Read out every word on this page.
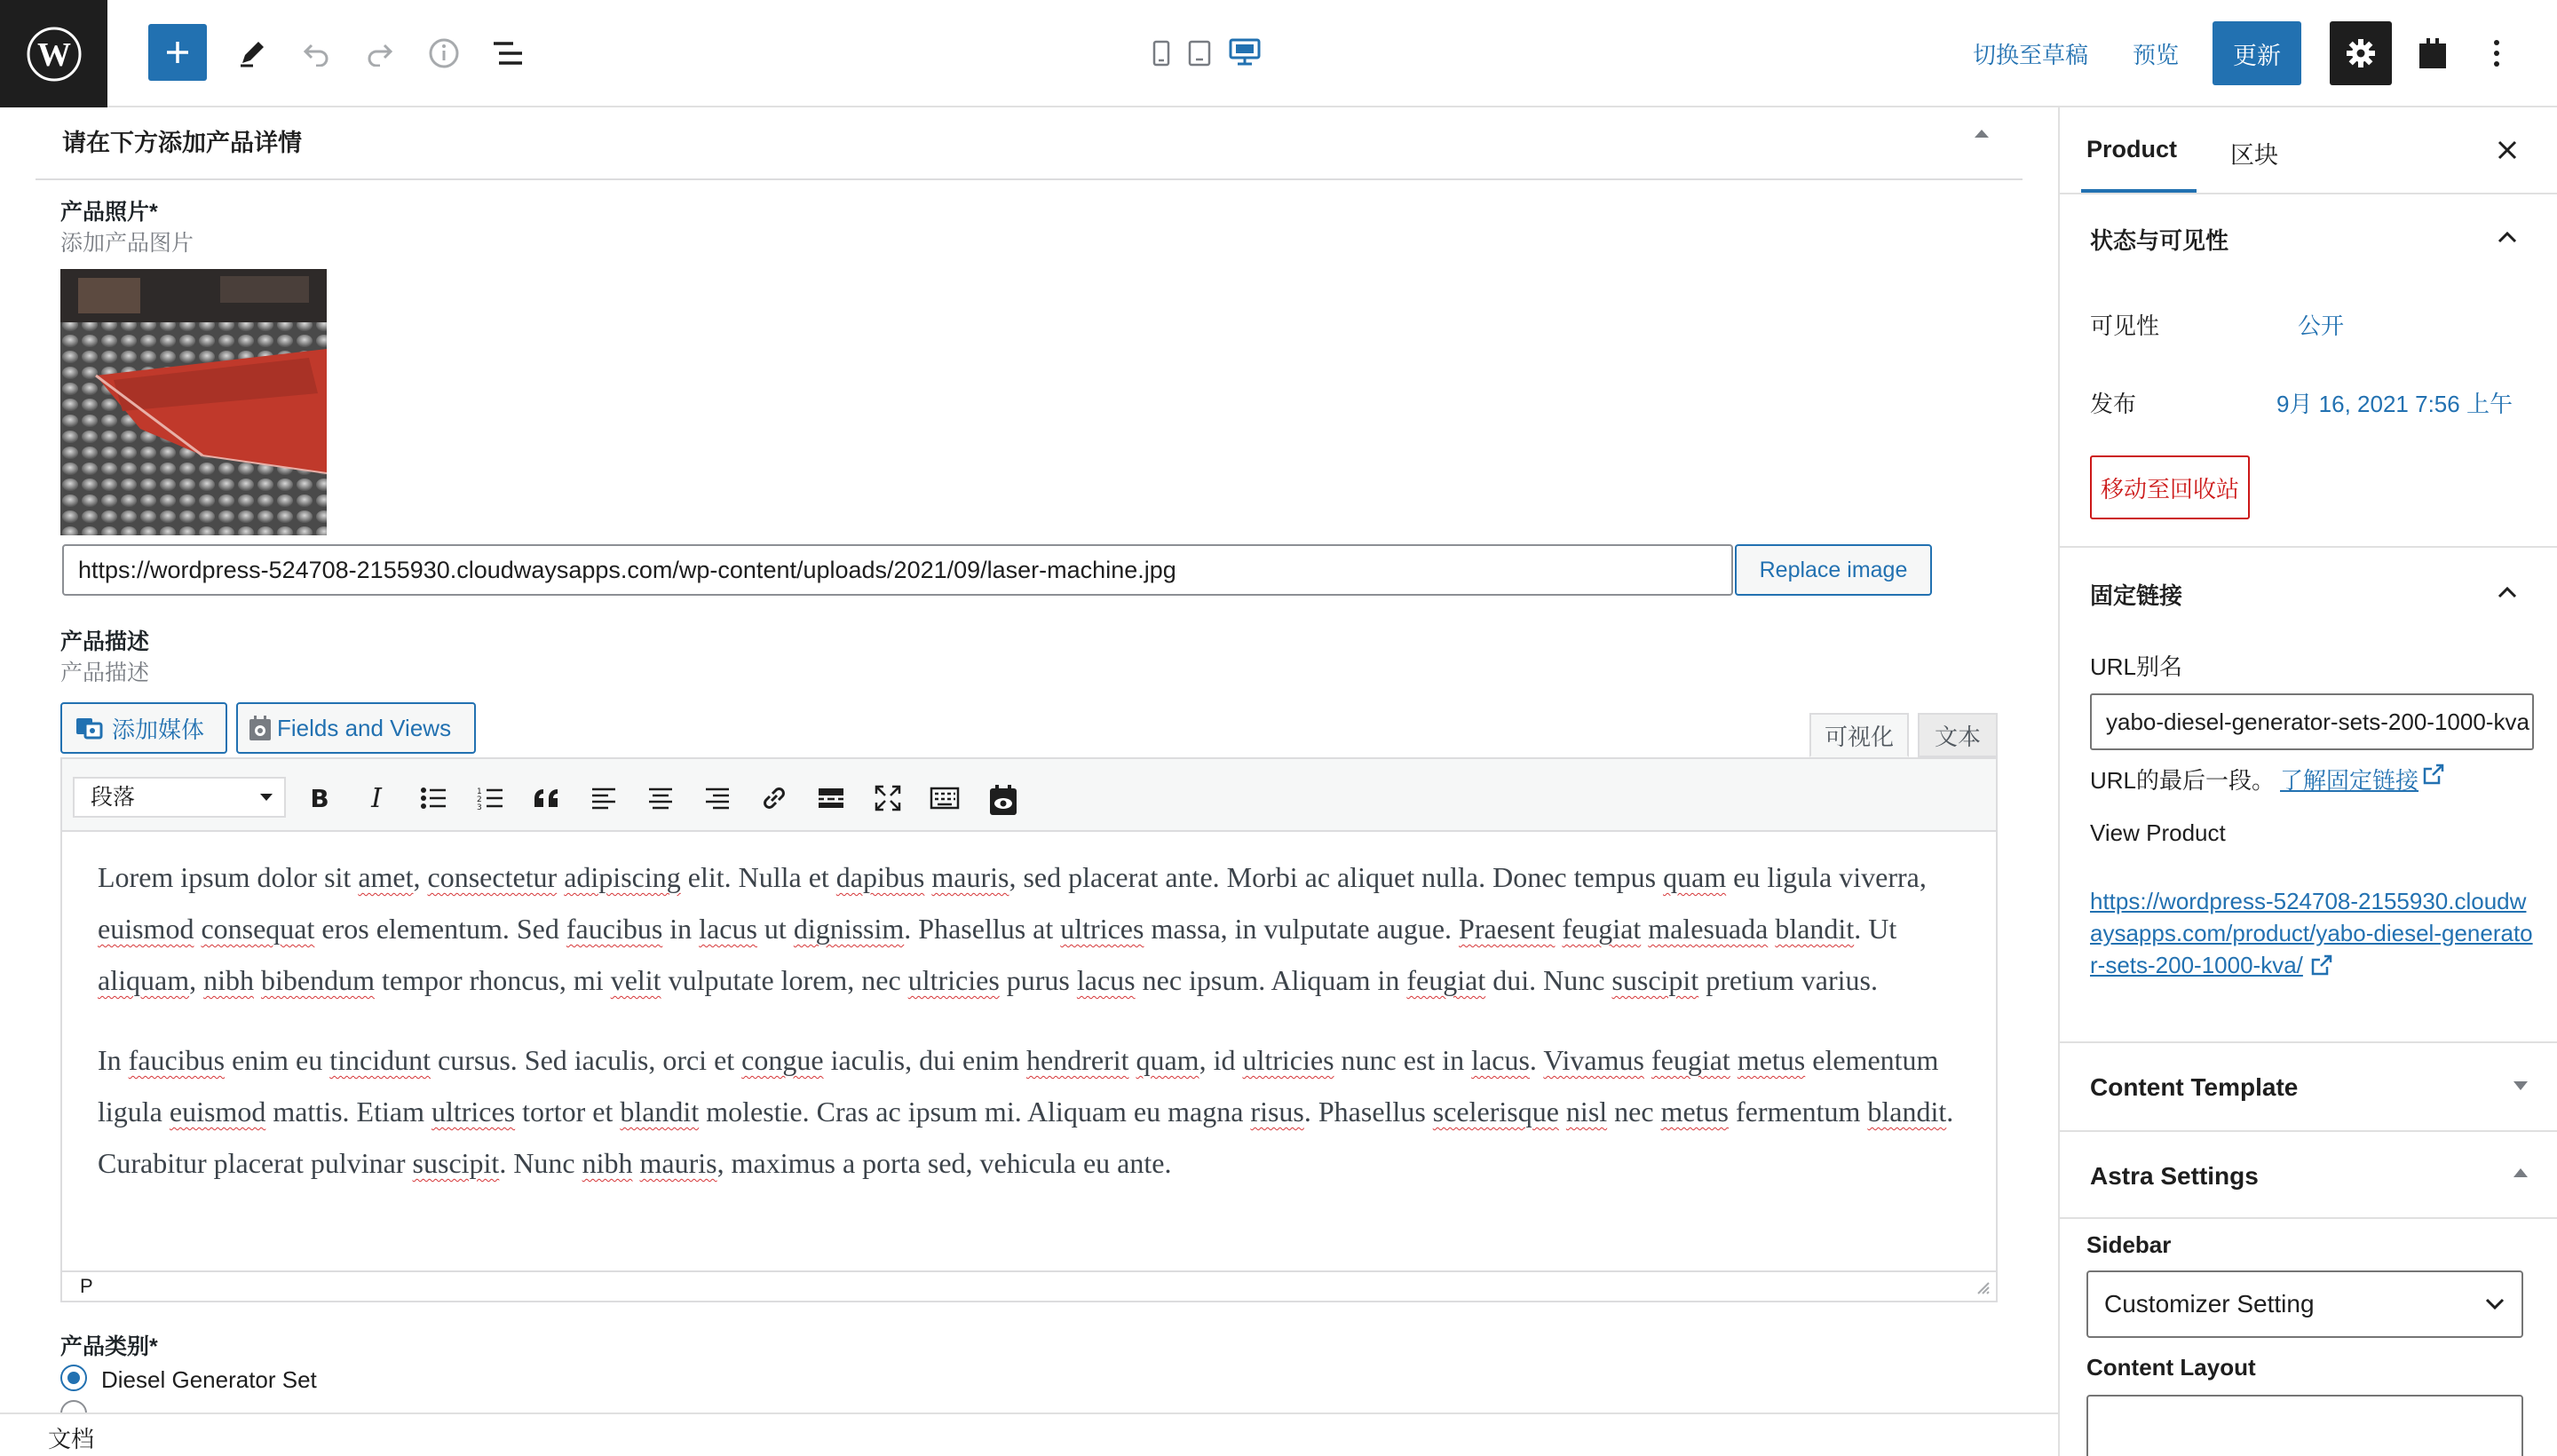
W	切换至草稿 预览	更新
请在下方添加产品详情
产品照片*
添加产品图片
https://wordpress-524708-2155930.cloudwaysapps.com/wp-content/uploads/2021/09/laser-machine.jpg	Replace image
产品描述
产品描述
添加媒体	Fields and Views	可视化	文本
段落	B	I	1
2
3

Lorem ipsum dolor sit amet, consectetur adipiscing elit. Nulla et dapibus mauris, sed placerat ante. Morbi ac aliquet nulla. Donec tempus quam eu ligula viverra, euismod consequat eros elementum. Sed faucibus in lacus ut dignissim. Phasellus at ultrices massa, in vulputate augue. Praesent feugiat malesuada blandit. Ut aliquam, nibh bibendum tempor rhoncus, mi velit vulputate lorem, nec ultricies purus lacus nec ipsum. Aliquam in feugiat dui. Nunc suscipit pretium varius.

In faucibus enim eu tincidunt cursus. Sed iaculis, orci et congue iaculis, dui enim hendrerit quam, id ultricies nunc est in lacus. Vivamus feugiat metus elementum ligula euismod mattis. Etiam ultrices tortor et blandit molestie. Cras ac ipsum mi. Aliquam eu magna risus. Phasellus scelerisque nisl nec metus fermentum blandit. Curabitur placerat pulvinar suscipit. Nunc nibh mauris, maximus a porta sed, vehicula eu ante.

P
产品类别*
Diesel Generator Set
文档
Product 区块
状态与可见性
可见性	公开
发布	9月 16, 2021 7:56 上午
移动至回收站
固定链接
URL别名
yabo-diesel-generator-sets-200-1000-kva
URL的最后一段。 了解固定链接
View Product
https://wordpress-524708-2155930.cloudwaysapps.com/product/yabo-diesel-generator-sets-200-1000-kva/
Content Template
Astra Settings
Sidebar
Customizer Setting
Content Layout
